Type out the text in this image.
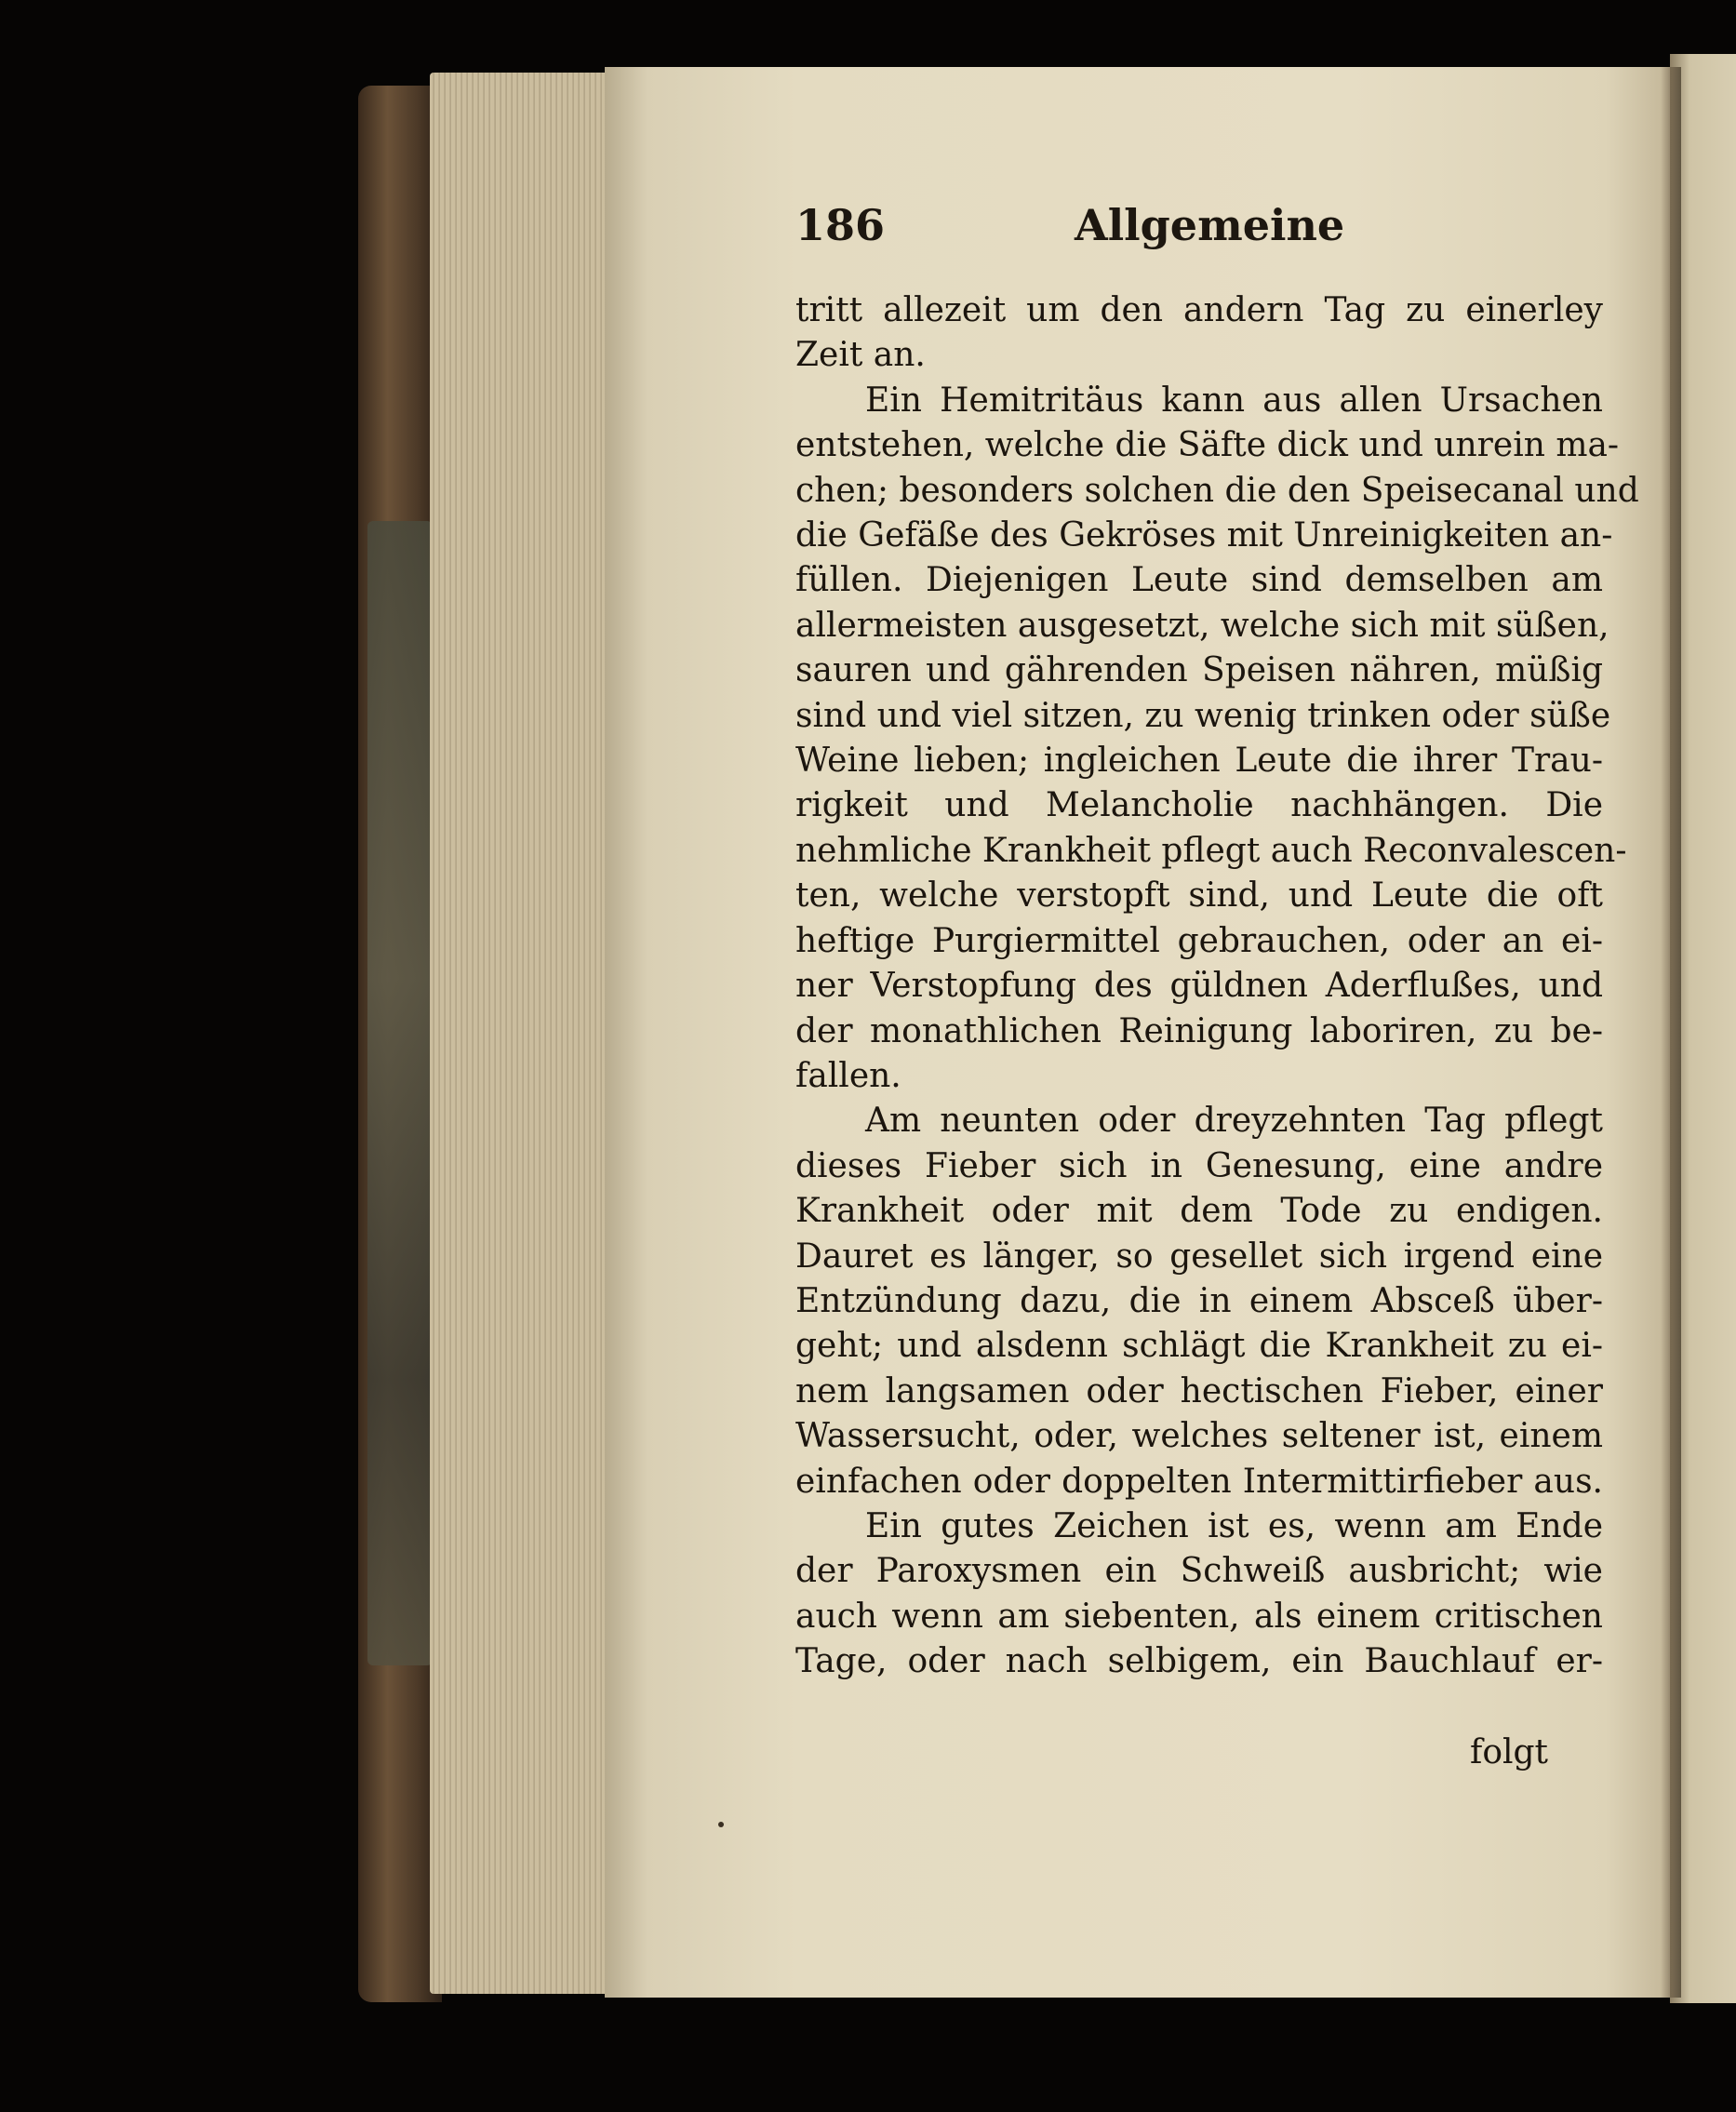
186	Allgemeine
tritt allezeit um den andern Tag zu einerley
Zeit an.
Ein Hemitritäus kann aus allen Ursachen
entstehen, welche die Säfte dick und unrein ma-
chen; besonders solchen die den Speisecanal und
die Gefäße des Gekröses mit Unreinigkeiten an-
füllen. Diejenigen Leute sind demselben am
allermeisten ausgesetzt, welche sich mit süßen,
sauren und gährenden Speisen nähren, müßig
sind und viel sitzen, zu wenig trinken oder süße
Weine lieben; ingleichen Leute die ihrer Trau-
rigkeit und Melancholie nachhängen. Die
nehmliche Krankheit pflegt auch Reconvalescen-
ten, welche verstopft sind, und Leute die oft
heftige Purgiermittel gebrauchen, oder an ei-
ner Verstopfung des güldnen Aderflußes, und
der monathlichen Reinigung laboriren, zu be-
fallen.
Am neunten oder dreyzehnten Tag pflegt
dieses Fieber sich in Genesung, eine andre
Krankheit oder mit dem Tode zu endigen.
Dauret es länger, so gesellet sich irgend eine
Entzündung dazu, die in einem Absceß über-
geht; und alsdenn schlägt die Krankheit zu ei-
nem langsamen oder hectischen Fieber, einer
Wassersucht, oder, welches seltener ist, einem
einfachen oder doppelten Intermittirfieber aus.
Ein gutes Zeichen ist es, wenn am Ende
der Paroxysmen ein Schweiß ausbricht; wie
auch wenn am siebenten, als einem critischen
Tage, oder nach selbigem, ein Bauchlauf er-
folgt
